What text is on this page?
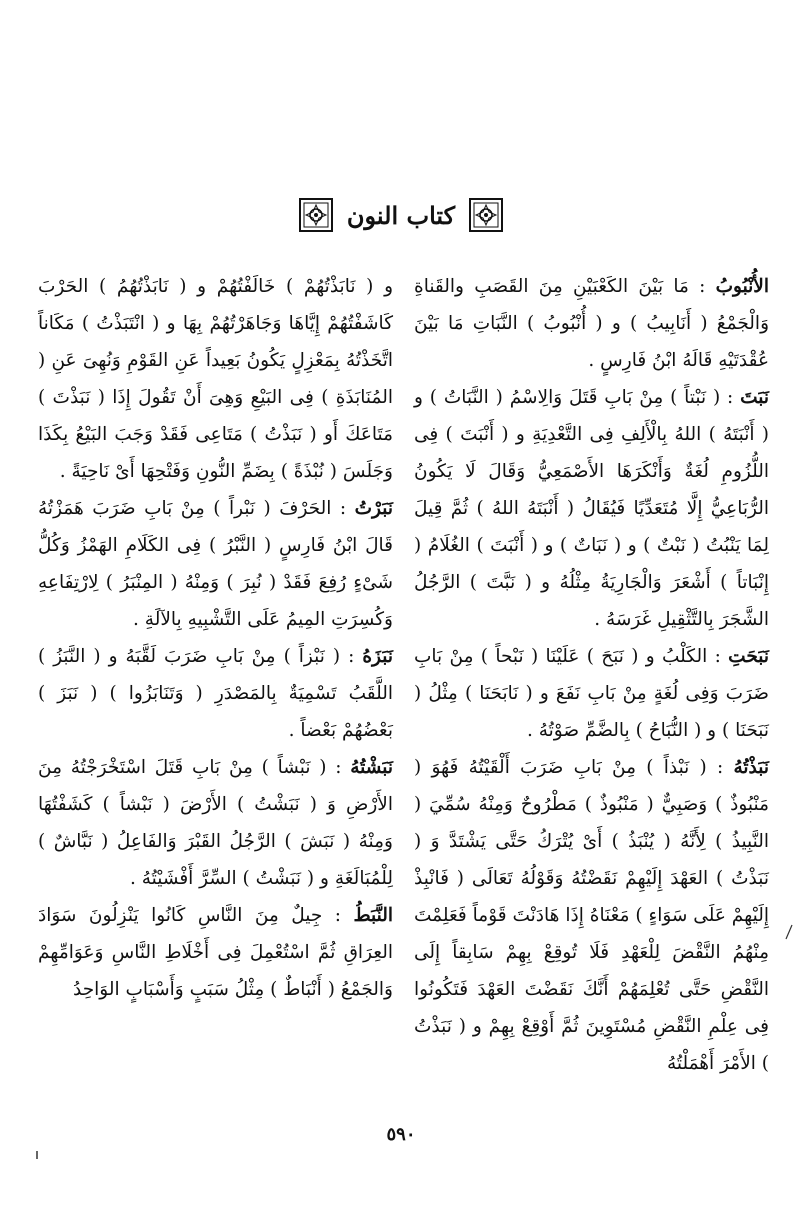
كتاب النون

الأُنْبُوبُ : مَا بَيْنَ الكَعْبَيْنِ مِنَ القَصَبِ والقَناةِ وَالْجَمْعُ ( أَنَابِيبُ ) و ( أُنْبُوبُ ) النَّبَاتِ مَا بَيْنَ عُقْدَتَيْهِ قَالَهُ ابْنُ فَارِسٍ .

نَبَتَ : ( نَبْتاً ) مِنْ بَابِ قَتَلَ وَالِاسْمُ ( النَّبَاتُ ) و ( أَنْبَتَهُ ) اللهُ بِالْأَلِفِ فِى التَّعْدِيَةِ و ( أَنْبَتَ ) فِى اللُّزُومِ لُغَةٌ وَأَنْكَرَهَا الأَصْمَعِيُّ وَقَالَ لَا يَكُونُ الرُّبَاعِيُّ إِلَّا مُتَعَدِّيًا فَيُقَالُ ( أَنْبَتَهُ اللهُ ) ثُمَّ قِيلَ لِمَا يَنْبُتُ ( نَبْتٌ ) و ( نَبَاتٌ ) و ( أَنْبَتَ ) الغُلَامُ ( إِنْبَاتاً ) أَشْعَرَ وَالْجَارِيَةُ مِثْلُهُ و ( نَبَّتَ ) الرَّجُلُ الشَّجَرَ بِالتَّثْقِيلِ غَرَسَهُ .

نَبَحَتِ : الكَلْبُ و ( نَبَحَ ) عَلَيْنَا ( نَبْحاً ) مِنْ بَابِ ضَرَبَ وَفِى لُغَةٍ مِنْ بَابِ نَفَعَ و ( نَابَحَنَا ) مِثْلُ ( نَبَحَنَا ) و ( النُّبَاحُ ) بِالضَّمِّ صَوْتُهُ .

نَبَذْتُهُ : ( نَبْذاً ) مِنْ بَابِ ضَرَبَ أَلْقَيْتُهُ فَهُوَ ( مَنْبُوذٌ ) وَصَبِيٌّ ( مَنْبُوذٌ ) مَطْرُوحٌ وَمِنْهُ سُمِّيَ ( النَّبِيذُ ) لِأَنَّهُ ( يُنْبَذُ ) أَىْ يُتْرَكُ حَتَّى يَشْتَدَّ وَ ( نَبَذْتُ ) العَهْدَ إِلَيْهِمْ نَقَضْتُهُ وَقَوْلُهُ تَعَالَى ( فَانْبِذْ إِلَيْهِمْ عَلَى سَوَاءٍ ) مَعْنَاهُ إِذَا هَادَنْتَ قَوْماً فَعَلِمْتَ مِنْهُمُ النَّقْضَ لِلْعَهْدِ فَلَا تُوقِعْ بِهِمْ سَابِقاً إِلَى النَّقْضِ حَتَّى تُعْلِمَهُمْ أَنَّكَ نَقَضْتَ العَهْدَ فَتَكُونُوا فِى عِلْمِ النَّقْضِ مُسْتَوِينَ ثُمَّ أَوْقِعْ بِهِمْ و ( نَبَذْتُ ) الأَمْرَ أَهْمَلْتُهُ

و ( نَابَذْتُهُمْ ) خَالَفْتُهُمْ و ( نَابَذْتُهُمُ ) الحَرْبَ كَاشَفْتُهُمْ إِيَّاهَا وَجَاهَرْتُهُمْ بِهَا و ( انْتَبَذْتُ ) مَكَاناً اتَّخَذْتُهُ بِمَعْزِلٍ يَكُونُ بَعِيداً عَنِ القَوْمِ وَنُهِىَ عَنِ ( المُنَابَذَةِ ) فِى البَيْعِ وَهِىَ أَنْ تَقُولَ إِذَا ( نَبَذْتَ ) مَتَاعَكَ أَو ( نَبَذْتُ ) مَتَاعِى فَقَدْ وَجَبَ البَيْعُ بِكَذَا وَجَلَسَ ( نُبْذَةً ) بِضَمِّ النُّونِ وَفَتْحِهَا أَىْ نَاحِيَةً .

نَبَرْتُ : الحَرْفَ ( نَبْراً ) مِنْ بَابِ ضَرَبَ هَمَزْتُهُ قَالَ ابْنُ فَارِسٍ ( النَّبْرُ ) فِى الكَلَامِ الهَمْزُ وَكُلُّ شَىْءٍ رُفِعَ فَقَدْ ( نُبِرَ ) وَمِنْهُ ( المِنْبَرُ ) لِارْتِفَاعِهِ وَكُسِرَتِ المِيمُ عَلَى التَّشْبِيهِ بِالآلَةِ .

نَبَزَهُ : ( نَبْزاً ) مِنْ بَابِ ضَرَبَ لَقَّبَهُ و ( النَّبَزُ ) اللَّقَبُ تَسْمِيَةٌ بِالمَصْدَرِ ( وَتَنَابَزُوا ) ( نَبَزَ ) بَعْضُهُمْ بَعْضاً .

نَبَشْتُهُ : ( نَبْشاً ) مِنْ بَابِ قَتَلَ اسْتَخْرَجْتُهُ مِنَ الأَرْضِ وَ ( نَبَشْتُ ) الأَرْضَ ( نَبْشاً ) كَشَفْتُهَا وَمِنْهُ ( نَبَشَ ) الرَّجُلُ القَبْرَ وَالفَاعِلُ ( نَبَّاشٌ ) لِلْمُبَالَغَةِ و ( نَبَشْتُ ) السِّرَّ أَفْشَيْتُهُ .

النَّبَطُ : جِيلٌ مِنَ النَّاسِ كَانُوا يَنْزِلُونَ سَوَادَ العِرَاقِ ثُمَّ اسْتُعْمِلَ فِى أَخْلَاطِ النَّاسِ وَعَوَامِّهِمْ وَالجَمْعُ ( أَنْبَاطٌ ) مِثْلُ سَبَبٍ وَأَسْبَابٍ الوَاحِدُ

٥٩٠
